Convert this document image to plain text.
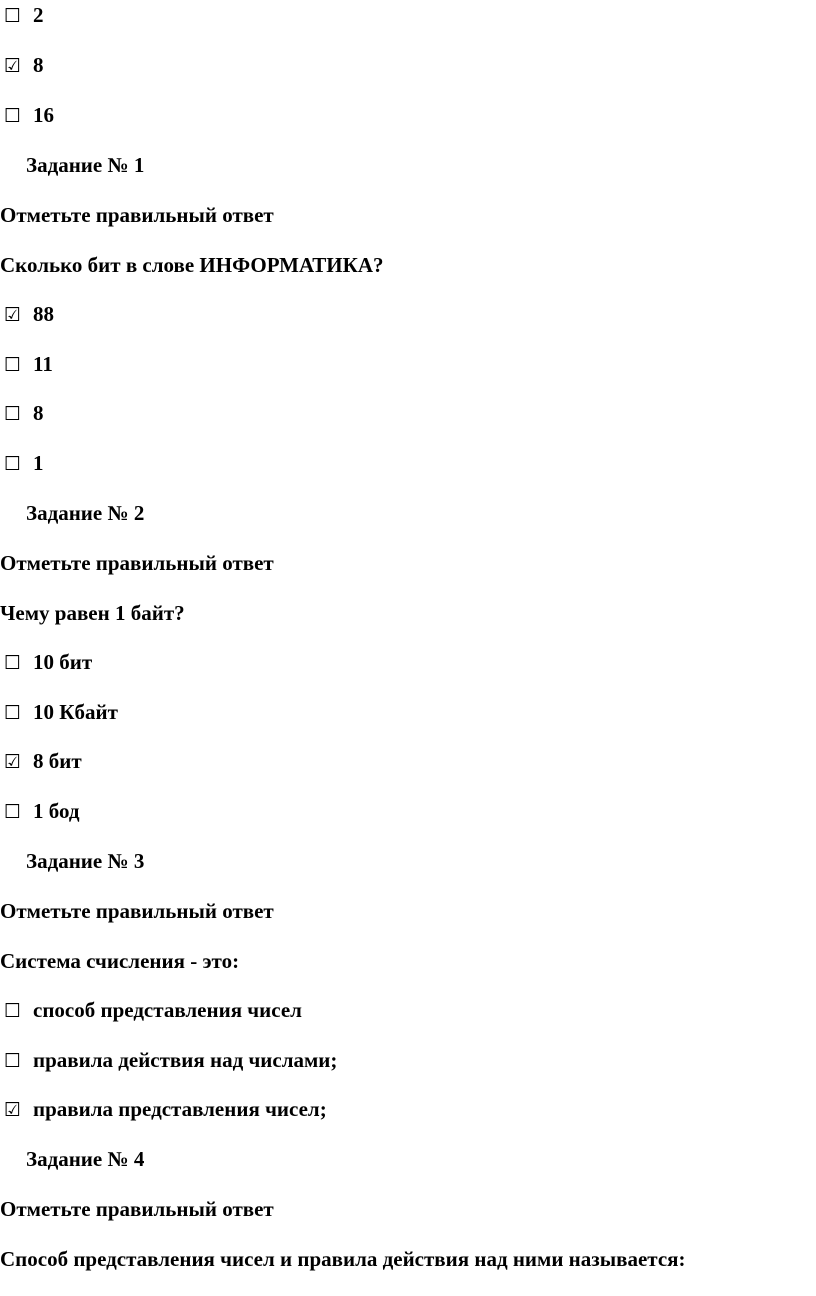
☐ 2
☑ 8
☐ 16
Задание № 1
Отметьте правильный ответ
Сколько бит в слове ИНФОРМАТИКА?
☑ 88
☐ 11
☐ 8
☐ 1
Задание № 2
Отметьте правильный ответ
Чему равен 1 байт?
☐ 10 бит
☐ 10 Кбайт
☑ 8 бит
☐ 1 бод
Задание № 3
Отметьте правильный ответ
Система счисления - это:
☐ способ представления чисел
☐ правила действия над числами;
☑ правила представления чисел;
Задание № 4
Отметьте правильный ответ
Способ представления чисел и правила действия над ними называется:
